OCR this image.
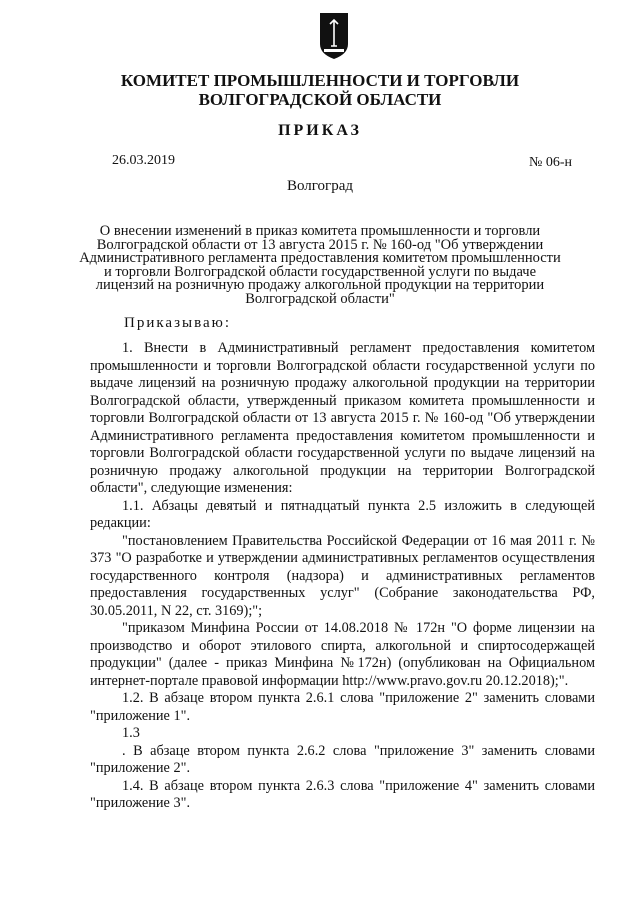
КОМИТЕТ ПРОМЫШЛЕННОСТИ И ТОРГОВЛИ
ВОЛГОГРАДСКОЙ ОБЛАСТИ
ПРИКАЗ
26.03.2019	№ 06-н
Волгоград
О внесении изменений в приказ комитета промышленности и торговли
Волгоградской области от 13 августа 2015 г. № 160-од "Об утверждении
Административного регламента предоставления комитетом промышленности
и торговли Волгоградской области государственной услуги по выдаче
лицензий на розничную продажу алкогольной продукции на территории
Волгоградской области"
Приказываю:

1. Внести в Административный регламент предоставления комитетом промышленности и торговли Волгоградской области государственной услуги по выдаче лицензий на розничную продажу алкогольной продукции на территории Волгоградской области, утвержденный приказом комитета промышленности и торговли Волгоградской области от 13 августа 2015 г. № 160-од "Об утверждении Административного регламента предоставления комитетом промышленности и торговли Волгоградской области государственной услуги по выдаче лицензий на розничную продажу алкогольной продукции на территории Волгоградской области", следующие изменения:

1.1. Абзацы девятый и пятнадцатый пункта 2.5 изложить в следующей редакции:

"постановлением Правительства Российской Федерации от 16 мая 2011 г. № 373 "О разработке и утверждении административных регламентов осуществления государственного контроля (надзора) и административных регламентов предоставления государственных услуг" (Собрание законодательства РФ, 30.05.2011, N 22, ст. 3169);";

"приказом Минфина России от 14.08.2018 № 172н "О форме лицензии на производство и оборот этилового спирта, алкогольной и спиртосодержащей продукции" (далее - приказ Минфина №172н) (опубликован на Официальном интернет-портале правовой информации http://www.pravo.gov.ru 20.12.2018);".

1.2. В абзаце втором пункта 2.6.1 слова "приложение 2" заменить словами "приложение 1".

1.3

. В абзаце втором пункта 2.6.2 слова "приложение 3" заменить словами "приложение 2".

1.4. В абзаце втором пункта 2.6.3 слова "приложение 4" заменить словами "приложение 3".
